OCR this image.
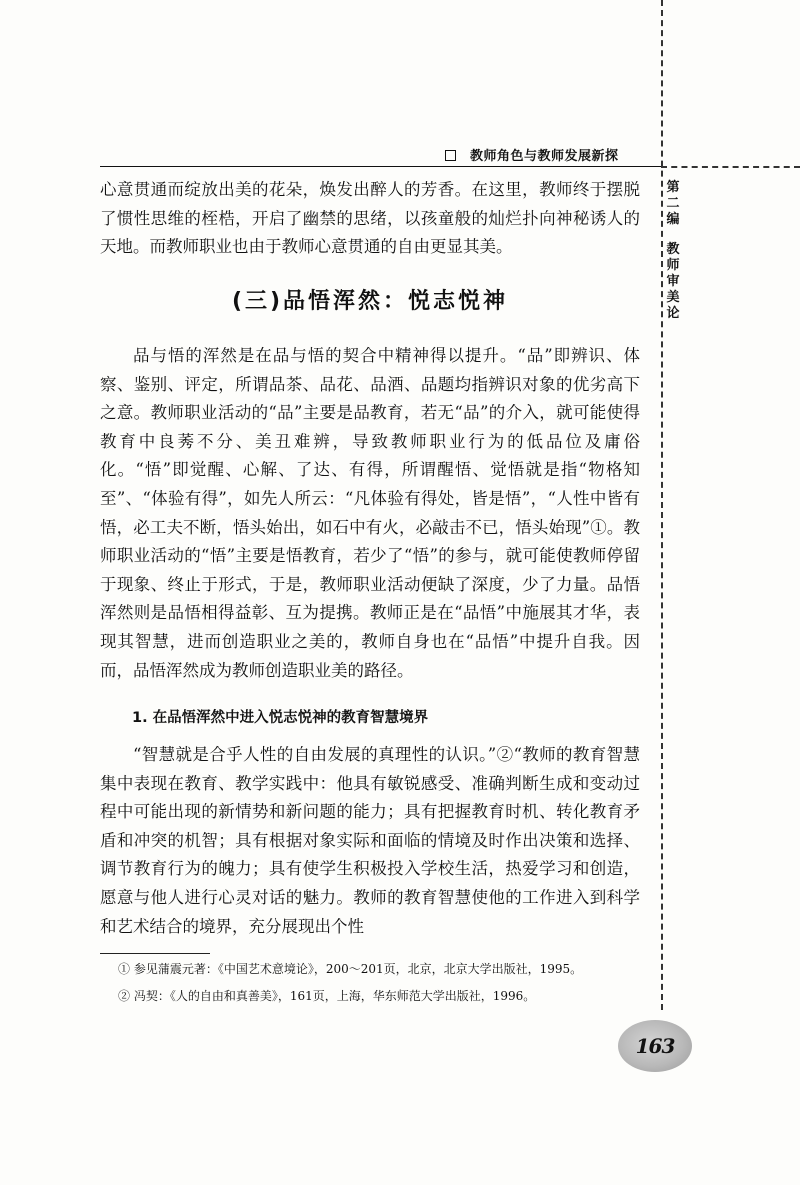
教师角色与教师发展新探
第二编
教师审美论
心意贯通而绽放出美的花朵，焕发出醉人的芳香。在这里，教师终于摆脱了惯性思维的桎梏，开启了幽禁的思绪，以孩童般的灿烂扑向神秘诱人的天地。而教师职业也由于教师心意贯通的自由更显其美。
(三)品悟浑然：悦志悦神
品与悟的浑然是在品与悟的契合中精神得以提升。“品”即辨识、体察、鉴别、评定，所谓品茶、品花、品酒、品题均指辨识对象的优劣高下之意。教师职业活动的“品”主要是品教育，若无“品”的介入，就可能使得教育中良莠不分、美丑难辨，导致教师职业行为的低品位及庸俗化。“悟”即觉醒、心解、了达、有得，所谓醒悟、觉悟就是指“物格知至”、“体验有得”，如先人所云：“凡体验有得处，皆是悟”，“人性中皆有悟，必工夫不断，悟头始出，如石中有火，必敲击不已，悟头始现”①。教师职业活动的“悟”主要是悟教育，若少了“悟”的参与，就可能使教师停留于现象、终止于形式，于是，教师职业活动便缺了深度，少了力量。品悟浑然则是品悟相得益彰、互为提携。教师正是在“品悟”中施展其才华，表现其智慧，进而创造职业之美的，教师自身也在“品悟”中提升自我。因而，品悟浑然成为教师创造职业美的路径。
1. 在品悟浑然中进入悦志悦神的教育智慧境界
“智慧就是合乎人性的自由发展的真理性的认识。”②“教师的教育智慧集中表现在教育、教学实践中：他具有敏锐感受、准确判断生成和变动过程中可能出现的新情势和新问题的能力；具有把握教育时机、转化教育矛盾和冲突的机智；具有根据对象实际和面临的情境及时作出决策和选择、调节教育行为的魄力；具有使学生积极投入学校生活，热爱学习和创造，愿意与他人进行心灵对话的魅力。教师的教育智慧使他的工作进入到科学和艺术结合的境界，充分展现出个性
① 参见蒲震元著：《中国艺术意境论》，200～201页，北京，北京大学出版社，1995。
② 冯契：《人的自由和真善美》，161页，上海，华东师范大学出版社，1996。
163
